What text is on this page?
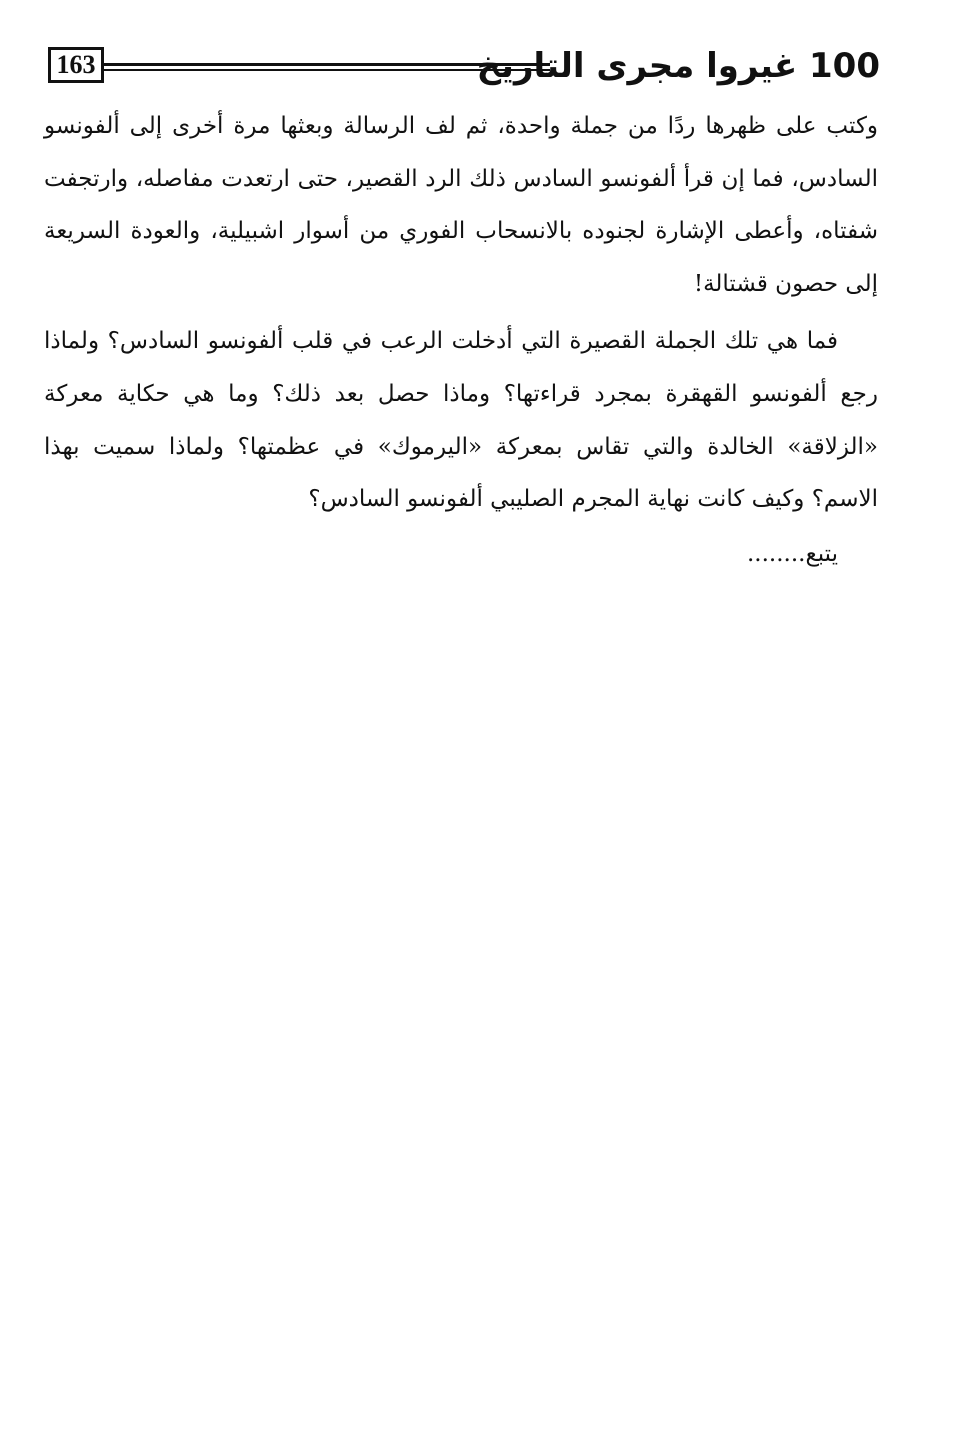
163	100 غيروا مجرى التاريخ

وكتب على ظهرها ردًا من جملة واحدة، ثم لف الرسالة وبعثها مرة أخرى إلى ألفونسو السادس، فما إن قرأ ألفونسو السادس ذلك الرد القصير، حتى ارتعدت مفاصله، وارتجفت شفتاه، وأعطى الإشارة لجنوده بالانسحاب الفوري من أسوار اشبيلية، والعودة السريعة إلى حصون قشتالة!

فما هي تلك الجملة القصيرة التي أدخلت الرعب في قلب ألفونسو السادس؟ ولماذا رجع ألفونسو القهقرة بمجرد قراءتها؟ وماذا حصل بعد ذلك؟ وما هي حكاية معركة «الزلاقة» الخالدة والتي تقاس بمعركة «اليرموك» في عظمتها؟ ولماذا سميت بهذا الاسم؟ وكيف كانت نهاية المجرم الصليبي ألفونسو السادس؟

يتبع........
